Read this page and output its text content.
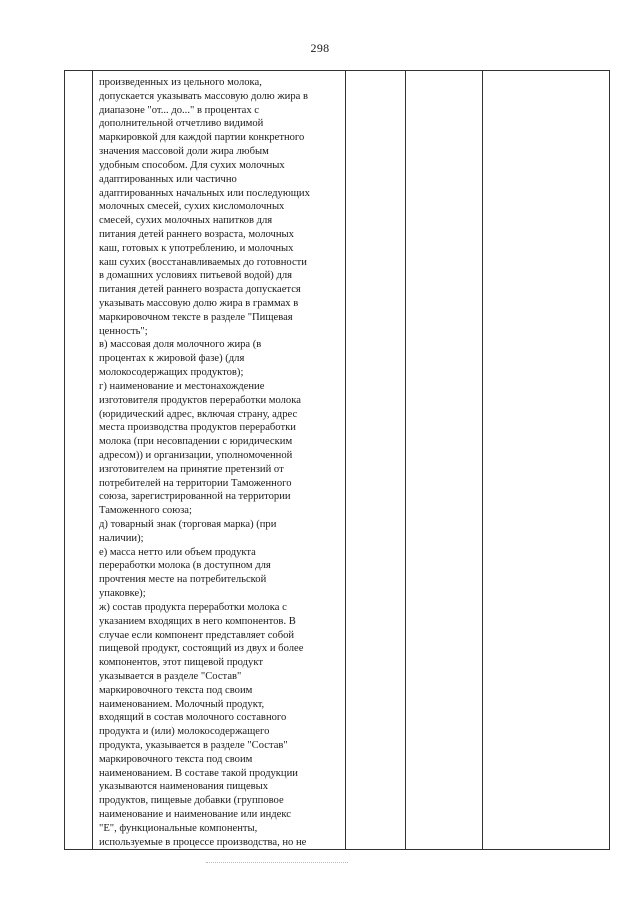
298
произведенных из цельного молока,
допускается указывать массовую долю жира в
диапазоне "от... до..." в процентах с
дополнительной отчетливо видимой
маркировкой для каждой партии конкретного
значения массовой доли жира любым
удобным способом. Для сухих молочных
адаптированных или частично
адаптированных начальных или последующих
молочных смесей, сухих кисломолочных
смесей, сухих молочных напитков для
питания детей раннего возраста, молочных
каш, готовых к употреблению, и молочных
каш сухих (восстанавливаемых до готовности
в домашних условиях питьевой водой) для
питания детей раннего возраста допускается
указывать массовую долю жира в граммах в
маркировочном тексте в разделе "Пищевая
ценность";
в) массовая доля молочного жира (в
процентах к жировой фазе) (для
молокосодержащих продуктов);
г) наименование и местонахождение
изготовителя продуктов переработки молока
(юридический адрес, включая страну, адрес
места производства продуктов переработки
молока (при несовпадении с юридическим
адресом)) и организации, уполномоченной
изготовителем на принятие претензий от
потребителей на территории Таможенного
союза, зарегистрированной на территории
Таможенного союза;
д) товарный знак (торговая марка) (при
наличии);
е) масса нетто или объем продукта
переработки молока (в доступном для
прочтения месте на потребительской
упаковке);
ж) состав продукта переработки молока с
указанием входящих в него компонентов. В
случае если компонент представляет собой
пищевой продукт, состоящий из двух и более
компонентов, этот пищевой продукт
указывается в разделе "Состав"
маркировочного текста под своим
наименованием. Молочный продукт,
входящий в состав молочного составного
продукта и (или) молокосодержащего
продукта, указывается в разделе "Состав"
маркировочного текста под своим
наименованием. В составе такой продукции
указываются наименования пищевых
продуктов, пищевые добавки (групповое
наименование и наименование или индекс
"Е", функциональные компоненты,
используемые в процессе производства, но не
